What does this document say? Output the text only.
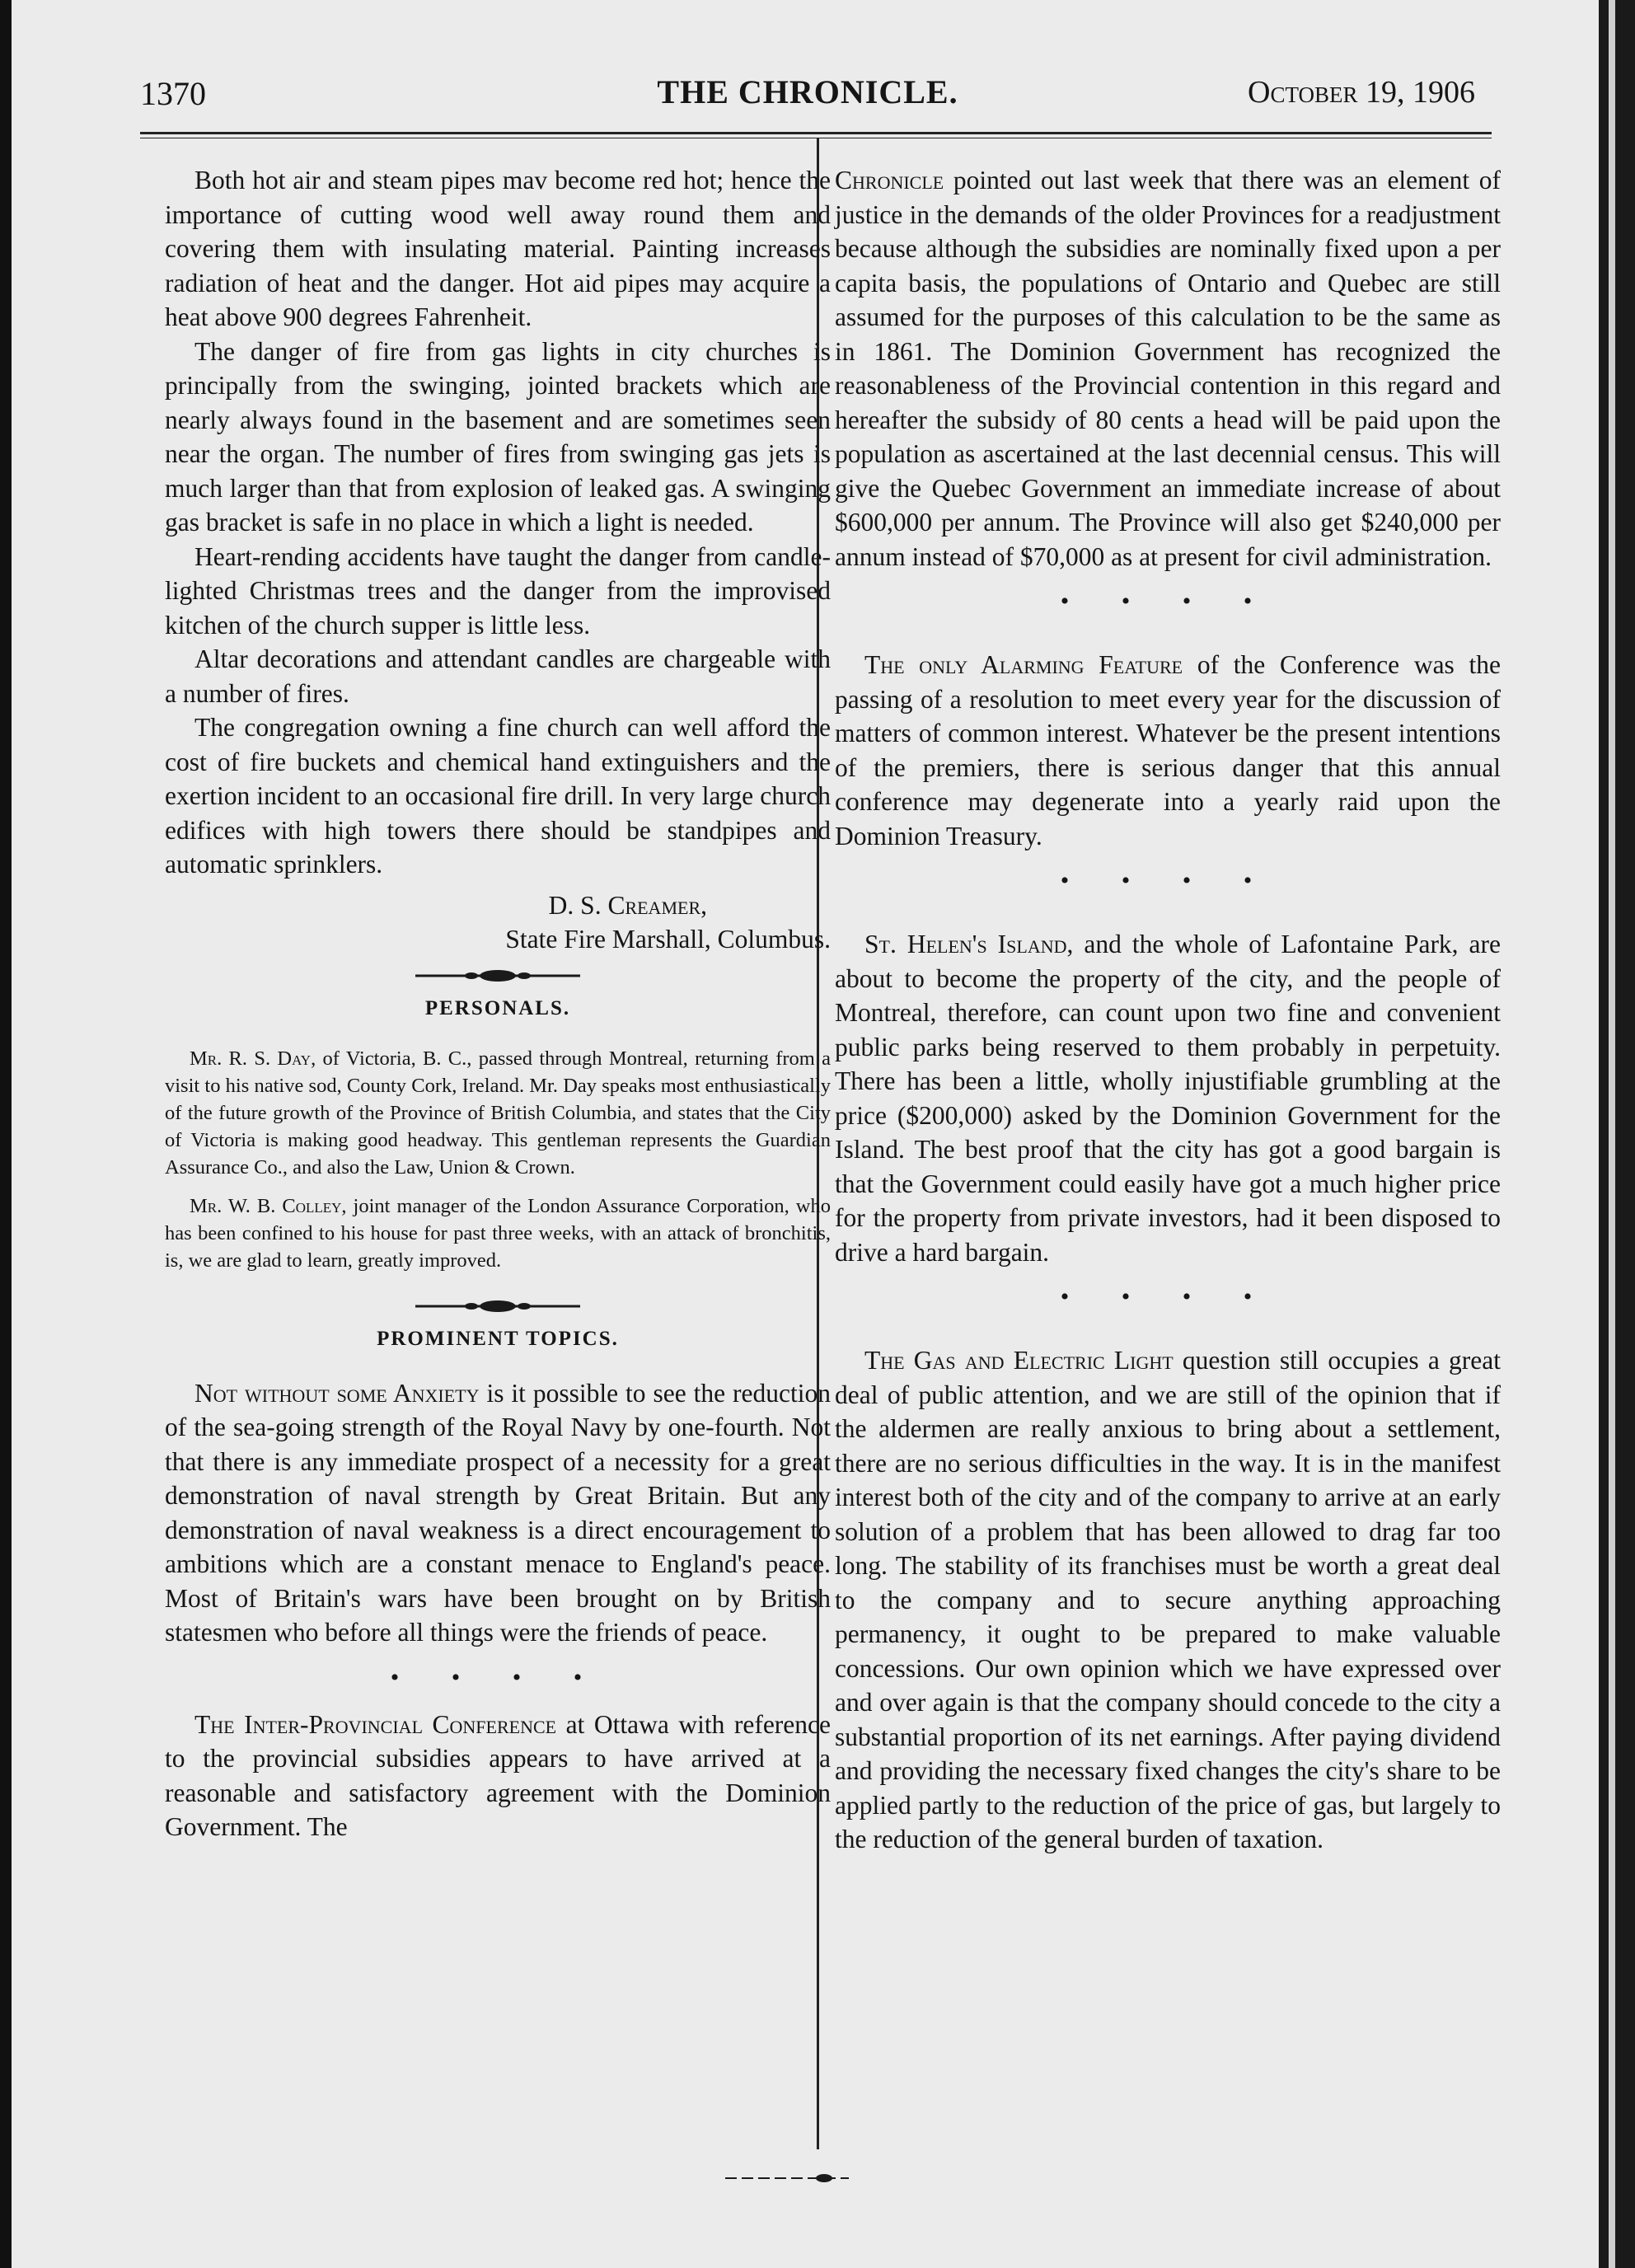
1370	THE CHRONICLE.	October 19, 1906

Both hot air and steam pipes mav become red hot; hence the importance of cutting wood well away round them and covering them with insulating material. Painting increases radiation of heat and the danger. Hot aid pipes may acquire a heat above 900 degrees Fahrenheit.

The danger of fire from gas lights in city churches is principally from the swinging, jointed brackets which are nearly always found in the basement and are sometimes seen near the organ. The number of fires from swinging gas jets is much larger than that from explosion of leaked gas. A swinging gas bracket is safe in no place in which a light is needed.

Heart-rending accidents have taught the danger from candle-lighted Christmas trees and the danger from the improvised kitchen of the church supper is little less.

Altar decorations and attendant candles are chargeable with a number of fires.

The congregation owning a fine church can well afford the cost of fire buckets and chemical hand extinguishers and the exertion incident to an occasional fire drill. In very large church edifices with high towers there should be standpipes and automatic sprinklers.

D. S. Creamer,
State Fire Marshall, Columbus.
PERSONALS.

Mr. R. S. Day, of Victoria, B. C., passed through Montreal, returning from a visit to his native sod, County Cork, Ireland. Mr. Day speaks most enthusiastically of the future growth of the Province of British Columbia, and states that the City of Victoria is making good headway. This gentleman represents the Guardian Assurance Co., and also the Law, Union & Crown.

Mr. W. B. Colley, joint manager of the London Assurance Corporation, who has been confined to his house for past three weeks, with an attack of bronchitis, is, we are glad to learn, greatly improved.

PROMINENT TOPICS.

Not without some Anxiety is it possible to see the reduction of the sea-going strength of the Royal Navy by one-fourth. Not that there is any immediate prospect of a necessity for a great demonstration of naval strength by Great Britain. But any demonstration of naval weakness is a direct encouragement to ambitions which are a constant menace to England's peace. Most of Britain's wars have been brought on by British statesmen who before all things were the friends of peace.

• • • •

The Inter-Provincial Conference at Ottawa with reference to the provincial subsidies appears to have arrived at a reasonable and satisfactory agreement with the Dominion Government. The

Chronicle pointed out last week that there was an element of justice in the demands of the older Provinces for a readjustment because although the subsidies are nominally fixed upon a per capita basis, the populations of Ontario and Quebec are still assumed for the purposes of this calculation to be the same as in 1861. The Dominion Government has recognized the reasonableness of the Provincial contention in this regard and hereafter the subsidy of 80 cents a head will be paid upon the population as ascertained at the last decennial census. This will give the Quebec Government an immediate increase of about $600,000 per annum. The Province will also get $240,000 per annum instead of $70,000 as at present for civil administration.

• • • •

The only Alarming Feature of the Conference was the passing of a resolution to meet every year for the discussion of matters of common interest. Whatever be the present intentions of the premiers, there is serious danger that this annual conference may degenerate into a yearly raid upon the Dominion Treasury.

• • • •

St. Helen's Island, and the whole of Lafontaine Park, are about to become the property of the city, and the people of Montreal, therefore, can count upon two fine and convenient public parks being reserved to them probably in perpetuity. There has been a little, wholly injustifiable grumbling at the price ($200,000) asked by the Dominion Government for the Island. The best proof that the city has got a good bargain is that the Government could easily have got a much higher price for the property from private investors, had it been disposed to drive a hard bargain.

• • • •

The Gas and Electric Light question still occupies a great deal of public attention, and we are still of the opinion that if the aldermen are really anxious to bring about a settlement, there are no serious difficulties in the way. It is in the manifest interest both of the city and of the company to arrive at an early solution of a problem that has been allowed to drag far too long. The stability of its franchises must be worth a great deal to the company and to secure anything approaching permanency, it ought to be prepared to make valuable concessions. Our own opinion which we have expressed over and over again is that the company should concede to the city a substantial proportion of its net earnings. After paying dividend and providing the necessary fixed changes the city's share to be applied partly to the reduction of the price of gas, but largely to the reduction of the general burden of taxation.
